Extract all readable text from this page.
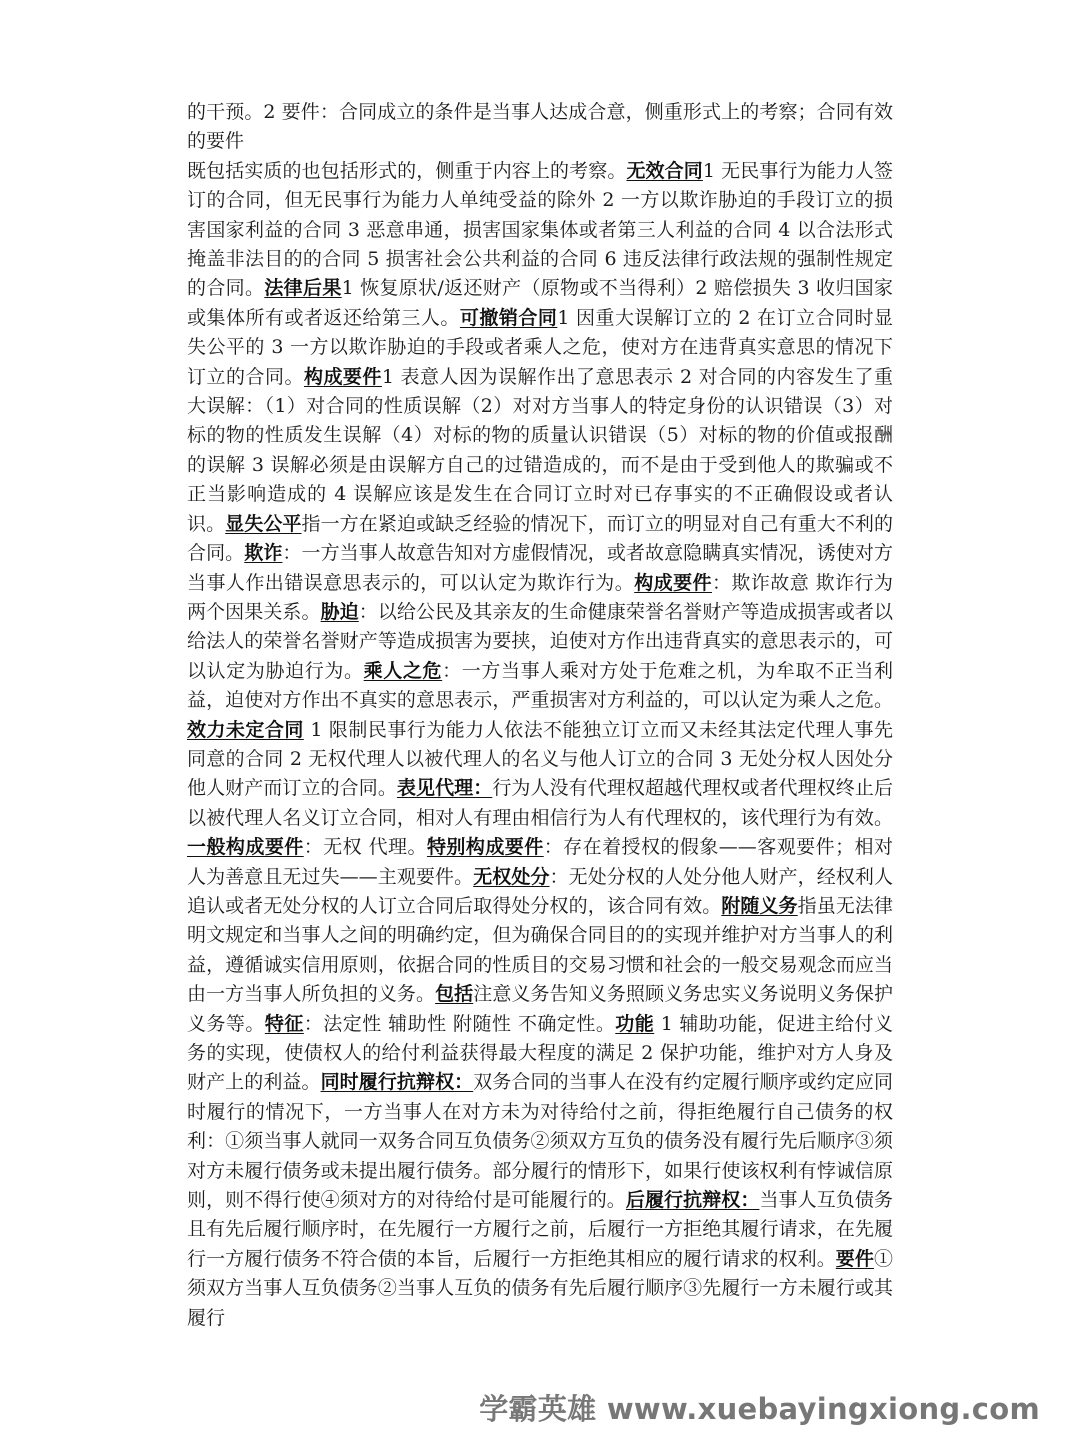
的干预。2 要件：合同成立的条件是当事人达成合意，侧重形式上的考察；合同有效的要件

既包括实质的也包括形式的，侧重于内容上的考察。无效合同1 无民事行为能力人签订的合同，但无民事行为能力人单纯受益的除外 2 一方以欺诈胁迫的手段订立的损害国家利益的合同 3 恶意串通，损害国家集体或者第三人利益的合同 4 以合法形式掩盖非法目的的合同 5 损害社会公共利益的合同 6 违反法律行政法规的强制性规定的合同。法律后果1 恢复原状/返还财产（原物或不当得利）2 赔偿损失 3 收归国家或集体所有或者返还给第三人。可撤销合同1 因重大误解订立的 2 在订立合同时显失公平的 3 一方以欺诈胁迫的手段或者乘人之危，使对方在违背真实意思的情况下订立的合同。构成要件1 表意人因为误解作出了意思表示 2 对合同的内容发生了重大误解：（1）对合同的性质误解（2）对对方当事人的特定身份的认识错误（3）对标的物的性质发生误解（4）对标的物的质量认识错误（5）对标的物的价值或报酬的误解 3 误解必须是由误解方自己的过错造成的，而不是由于受到他人的欺骗或不正当影响造成的 4 误解应该是发生在合同订立时对已存事实的不正确假设或者认识。显失公平指一方在紧迫或缺乏经验的情况下，而订立的明显对自己有重大不利的合同。欺诈：一方当事人故意告知对方虚假情况，或者故意隐瞒真实情况，诱使对方当事人作出错误意思表示的，可以认定为欺诈行为。构成要件：欺诈故意 欺诈行为 两个因果关系。胁迫：以给公民及其亲友的生命健康荣誉名誉财产等造成损害或者以给法人的荣誉名誉财产等造成损害为要挟，迫使对方作出违背真实的意思表示的，可以认定为胁迫行为。乘人之危：一方当事人乘对方处于危难之机，为牟取不正当利益，迫使对方作出不真实的意思表示，严重损害对方利益的，可以认定为乘人之危。效力未定合同 1 限制民事行为能力人依法不能独立订立而又未经其法定代理人事先同意的合同 2 无权代理人以被代理人的名义与他人订立的合同 3 无处分权人因处分他人财产而订立的合同。表见代理：行为人没有代理权超越代理权或者代理权终止后以被代理人名义订立合同，相对人有理由相信行为人有代理权的，该代理行为有效。一般构成要件：无权 代理。特别构成要件：存在着授权的假象——客观要件；相对人为善意且无过失——主观要件。无权处分：无处分权的人处分他人财产，经权利人追认或者无处分权的人订立合同后取得处分权的，该合同有效。附随义务指虽无法律明文规定和当事人之间的明确约定，但为确保合同目的的实现并维护对方当事人的利益，遵循诚实信用原则，依据合同的性质目的交易习惯和社会的一般交易观念而应当由一方当事人所负担的义务。包括注意义务告知义务照顾义务忠实义务说明义务保护义务等。特征：法定性 辅助性 附随性 不确定性。功能 1 辅助功能，促进主给付义务的实现，使债权人的给付利益获得最大程度的满足 2 保护功能，维护对方人身及财产上的利益。同时履行抗辩权：双务合同的当事人在没有约定履行顺序或约定应同时履行的情况下，一方当事人在对方未为对待给付之前，得拒绝履行自己债务的权利：①须当事人就同一双务合同互负债务②须双方互负的债务没有履行先后顺序③须对方未履行债务或未提出履行债务。部分履行的情形下，如果行使该权利有悖诚信原则，则不得行使④须对方的对待给付是可能履行的。后履行抗辩权：当事人互负债务且有先后履行顺序时，在先履行一方履行之前，后履行一方拒绝其履行请求，在先履行一方履行债务不符合债的本旨，后履行一方拒绝其相应的履行请求的权利。要件①须双方当事人互负债务②当事人互负的债务有先后履行顺序③先履行一方未履行或其履行

学霸英雄 www.xuebayingxiong.com
